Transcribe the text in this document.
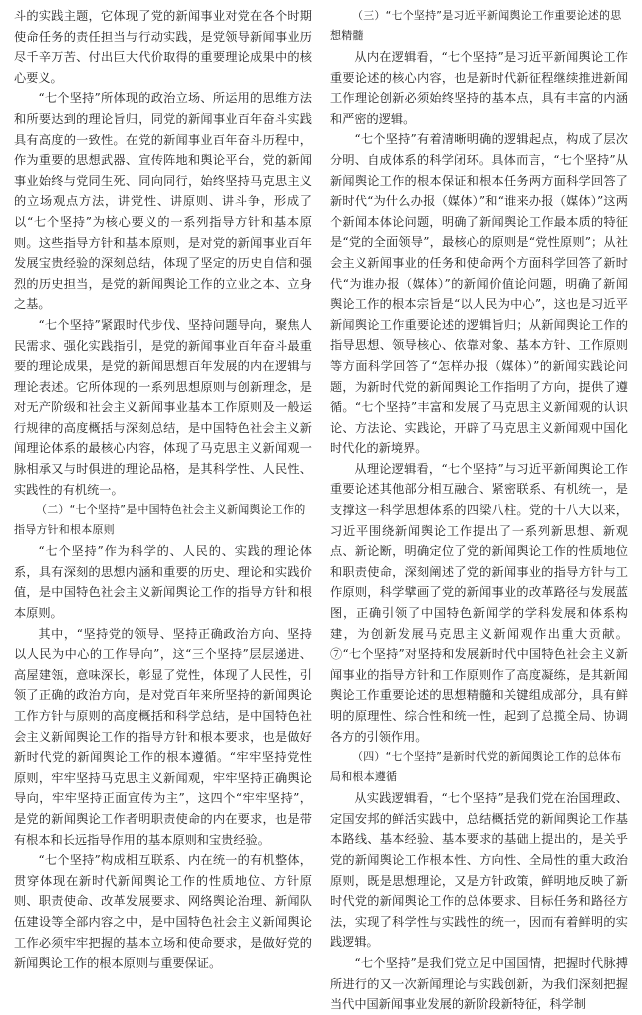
斗的实践主题，它体现了党的新闻事业对党在各个时期使命任务的责任担当与行动实践，是党领导新闻事业历尽千辛万苦、付出巨大代价取得的重要理论成果中的核心要义。

“七个坚持”所体现的政治立场、所运用的思维方法和所要达到的理论旨归，同党的新闻事业百年奋斗实践具有高度的一致性。在党的新闻事业百年奋斗历程中，作为重要的思想武器、宣传阵地和舆论平台，党的新闻事业始终与党同生死、同向同行，始终坚持马克思主义的立场观点方法，讲党性、讲原则、讲斗争，形成了以“七个坚持”为核心要义的一系列指导方针和基本原则。这些指导方针和基本原则，是对党的新闻事业百年发展宝贵经验的深刻总结，体现了坚定的历史自信和强烈的历史担当，是党的新闻舆论工作的立业之本、立身之基。

“七个坚持”紧跟时代步伐、坚持问题导向，聚焦人民需求、强化实践指引，是党的新闻事业百年奋斗最重要的理论成果，是党的新闻思想百年发展的内在逻辑与理论表述。它所体现的一系列思想原则与创新理念，是对无产阶级和社会主义新闻事业基本工作原则及一般运行规律的高度概括与深刻总结，是中国特色社会主义新闻理论体系的最核心内容，体现了马克思主义新闻观一脉相承又与时俱进的理论品格，是其科学性、人民性、实践性的有机统一。

（二）“七个坚持”是中国特色社会主义新闻舆论工作的指导方针和根本原则

“七个坚持”作为科学的、人民的、实践的理论体系，具有深刻的思想内涵和重要的历史、理论和实践价值，是中国特色社会主义新闻舆论工作的指导方针和根本原则。

其中，“坚持党的领导、坚持正确政治方向、坚持以人民为中心的工作导向”，这“三个坚持”层层递进、高屋建瓴，意味深长，彰显了党性，体现了人民性，引领了正确的政治方向，是对党百年来所坚持的新闻舆论工作方针与原则的高度概括和科学总结，是中国特色社会主义新闻舆论工作的指导方针和根本要求，也是做好新时代党的新闻舆论工作的根本遵循。“牢牢坚持党性原则，牢牢坚持马克思主义新闻观，牢牢坚持正确舆论导向，牢牢坚持正面宣传为主”，这四个“牢牢坚持”，是党的新闻舆论工作者明职责使命的内在要求，也是带有根本和长远指导作用的基本原则和宝贵经验。

“七个坚持”构成相互联系、内在统一的有机整体，贯穿体现在新时代新闻舆论工作的性质地位、方针原则、职责使命、改革发展要求、网络舆论治理、新闻队伍建设等全部内容之中，是中国特色社会主义新闻舆论工作必须牢牢把握的基本立场和使命要求，是做好党的新闻舆论工作的根本原则与重要保证。

（三）“七个坚持”是习近平新闻舆论工作重要论述的思想精髓

从内在逻辑看，“七个坚持”是习近平新闻舆论工作重要论述的核心内容，也是新时代新征程继续推进新闻工作理论创新必须始终坚持的基本点，具有丰富的内涵和严密的逻辑。

“七个坚持”有着清晰明确的逻辑起点，构成了层次分明、自成体系的科学闭环。具体而言，“七个坚持”从新闻舆论工作的根本保证和根本任务两方面科学回答了新时代“为什么办报（媒体）”和“谁来办报（媒体）”这两个新闻本体论问题，明确了新闻舆论工作最本质的特征是“党的全面领导”，最核心的原则是“党性原则”；从社会主义新闻事业的任务和使命两个方面科学回答了新时代“为谁办报（媒体）”的新闻价值论问题，明确了新闻舆论工作的根本宗旨是“以人民为中心”，这也是习近平新闻舆论工作重要论述的逻辑旨归；从新闻舆论工作的指导思想、领导核心、依靠对象、基本方针、工作原则等方面科学回答了“怎样办报（媒体）”的新闻实践论问题，为新时代党的新闻舆论工作指明了方向，提供了遵循。“七个坚持”丰富和发展了马克思主义新闻观的认识论、方法论、实践论，开辟了马克思主义新闻观中国化时代化的新境界。

从理论逻辑看，“七个坚持”与习近平新闻舆论工作重要论述其他部分相互融合、紧密联系、有机统一，是支撑这一科学思想体系的四梁八柱。党的十八大以来，习近平围绕新闻舆论工作提出了一系列新思想、新观点、新论断，明确定位了党的新闻舆论工作的性质地位和职责使命，深刻阐述了党的新闻事业的指导方针与工作原则，科学擘画了党的新闻事业的改革路径与发展蓝图，正确引领了中国特色新闻学的学科发展和体系构建，为创新发展马克思主义新闻观作出重大贡献。⑦“七个坚持”对坚持和发展新时代中国特色社会主义新闻事业的指导方针和工作原则作了高度凝练，是其新闻舆论工作重要论述的思想精髓和关键组成部分，具有鲜明的原理性、综合性和统一性，起到了总揽全局、协调各方的引领作用。

（四）“七个坚持”是新时代党的新闻舆论工作的总体布局和根本遵循

从实践逻辑看，“七个坚持”是我们党在治国理政、定国安邦的鲜活实践中，总结概括党的新闻舆论工作基本路线、基本经验、基本要求的基础上提出的，是关乎党的新闻舆论工作根本性、方向性、全局性的重大政治原则，既是思想理论，又是方针政策，鲜明地反映了新时代党的新闻舆论工作的总体要求、目标任务和路径方法，实现了科学性与实践性的统一，因而有着鲜明的实践逻辑。

“七个坚持”是我们党立足中国国情，把握时代脉搏所进行的又一次新闻理论与实践创新，为我们深刻把握当代中国新闻事业发展的新阶段新特征，科学制
